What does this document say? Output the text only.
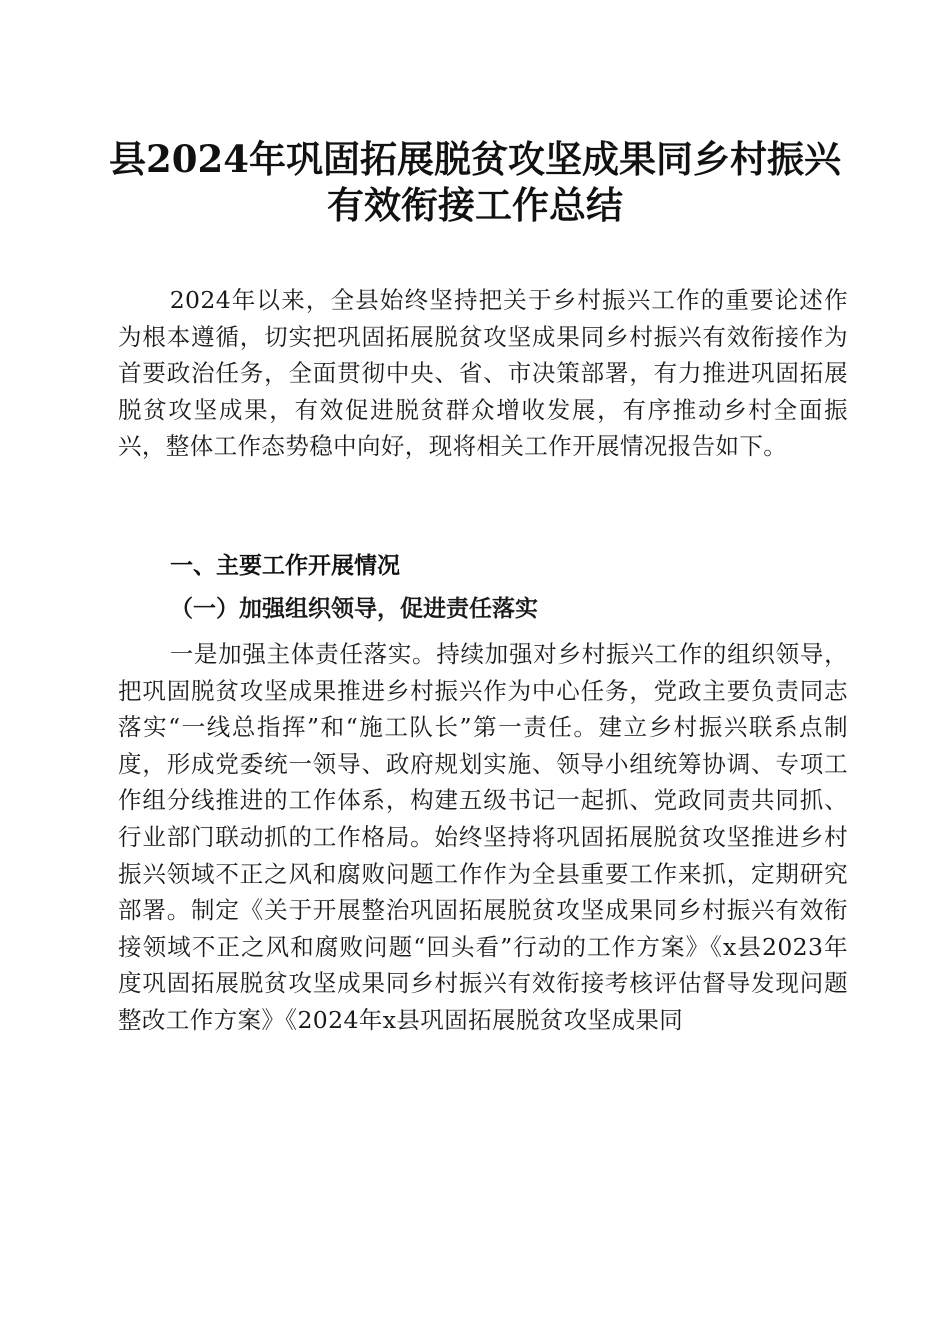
县2024年巩固拓展脱贫攻坚成果同乡村振兴
有效衔接工作总结

2024年以来，全县始终坚持把关于乡村振兴工作的重要论述作为根本遵循，切实把巩固拓展脱贫攻坚成果同乡村振兴有效衔接作为首要政治任务，全面贯彻中央、省、市决策部署，有力推进巩固拓展脱贫攻坚成果，有效促进脱贫群众增收发展，有序推动乡村全面振兴，整体工作态势稳中向好，现将相关工作开展情况报告如下。

一、主要工作开展情况
（一）加强组织领导，促进责任落实

一是加强主体责任落实。持续加强对乡村振兴工作的组织领导，把巩固脱贫攻坚成果推进乡村振兴作为中心任务，党政主要负责同志落实“一线总指挥”和“施工队长”第一责任。建立乡村振兴联系点制度，形成党委统一领导、政府规划实施、领导小组统筹协调、专项工作组分线推进的工作体系，构建五级书记一起抓、党政同责共同抓、行业部门联动抓的工作格局。始终坚持将巩固拓展脱贫攻坚推进乡村振兴领域不正之风和腐败问题工作作为全县重要工作来抓，定期研究部署。制定《关于开展整治巩固拓展脱贫攻坚成果同乡村振兴有效衔接领域不正之风和腐败问题“回头看”行动的工作方案》《x县2023年度巩固拓展脱贫攻坚成果同乡村振兴有效衔接考核评估督导发现问题整改工作方案》《2024年x县巩固拓展脱贫攻坚成果同
